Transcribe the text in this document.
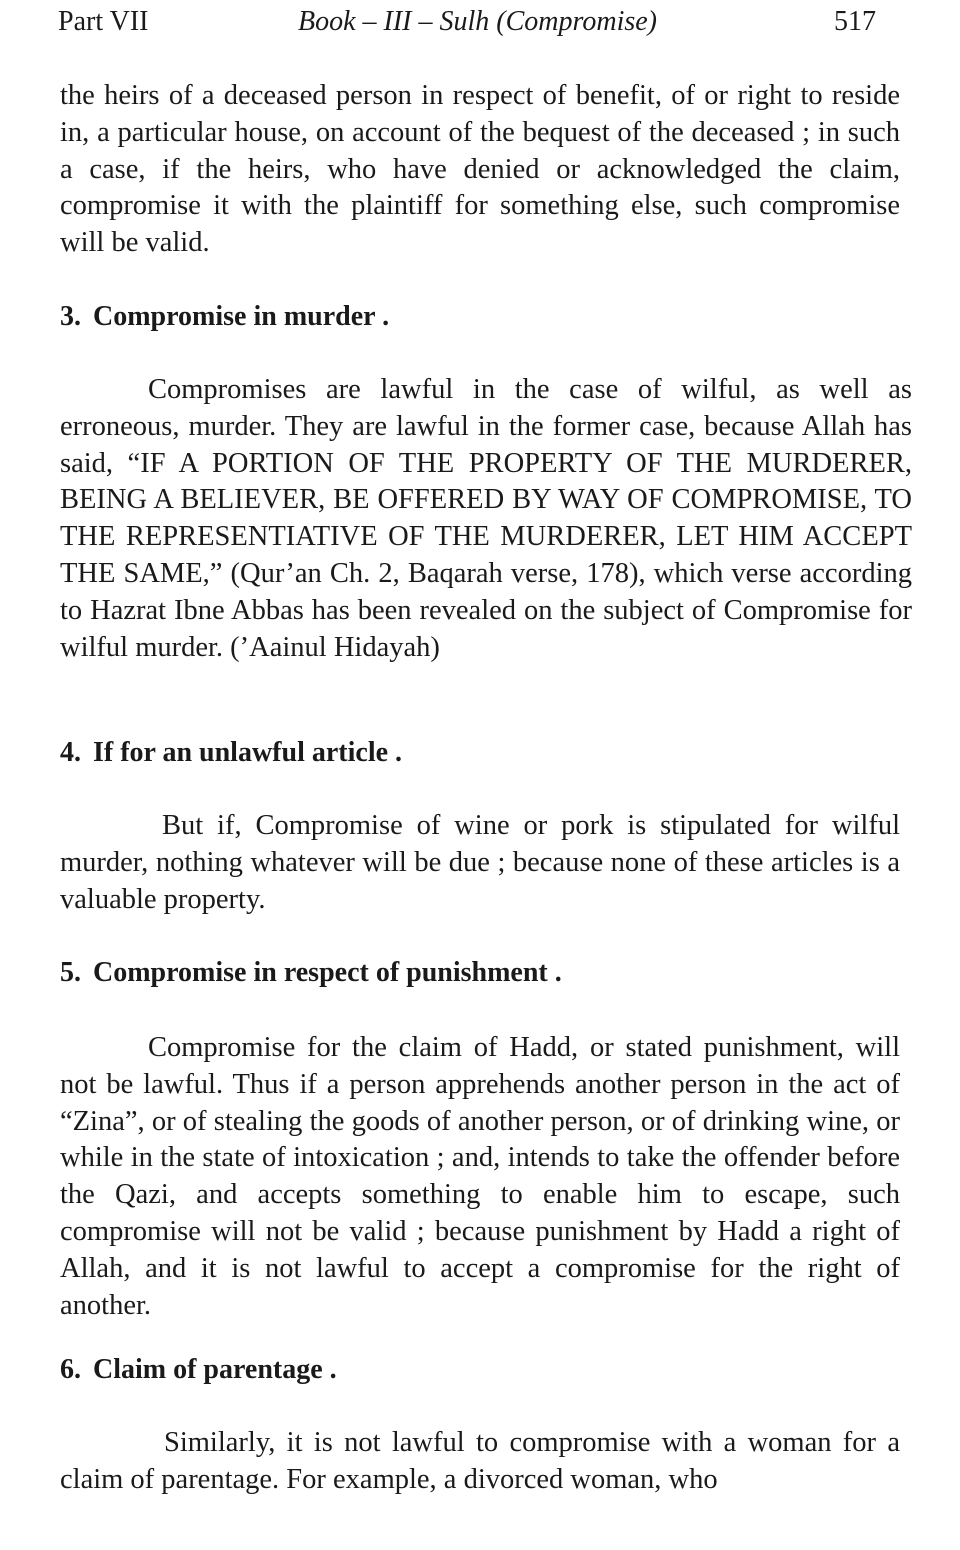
Part VII	Book – III – Sulh (Compromise)	517

the heirs of a deceased person in respect of benefit, of or right to reside in, a particular house, on account of the bequest of the deceased ; in such a case, if the heirs, who have denied or acknowledged the claim, compromise it with the plaintiff for something else, such compromise will be valid.

3. Compromise in murder .

Compromises are lawful in the case of wilful, as well as erroneous, murder. They are lawful in the former case, because Allah has said, “IF A PORTION OF THE PROPERTY OF THE MURDERER, BEING A BELIEVER, BE OFFERED BY WAY OF COMPROMISE, TO THE REPRESENTIATIVE OF THE MURDERER, LET HIM ACCEPT THE SAME,” (Qur’an Ch. 2, Baqarah verse, 178), which verse according to Hazrat Ibne Abbas has been revealed on the subject of Compromise for wilful murder. (’Aainul Hidayah)

4. If for an unlawful article .

But if, Compromise of wine or pork is stipulated for wilful murder, nothing whatever will be due ; because none of these articles is a valuable property.

5. Compromise in respect of punishment .

Compromise for the claim of Hadd, or stated punishment, will not be lawful. Thus if a person apprehends another person in the act of “Zina”, or of stealing the goods of another person, or of drinking wine, or while in the state of intoxication ; and, intends to take the offender before the Qazi, and accepts something to enable him to escape, such compromise will not be valid ; because punishment by Hadd a right of Allah, and it is not lawful to accept a compromise for the right of another.

6. Claim of parentage .

Similarly, it is not lawful to compromise with a woman for a claim of parentage. For example, a divorced woman, who
